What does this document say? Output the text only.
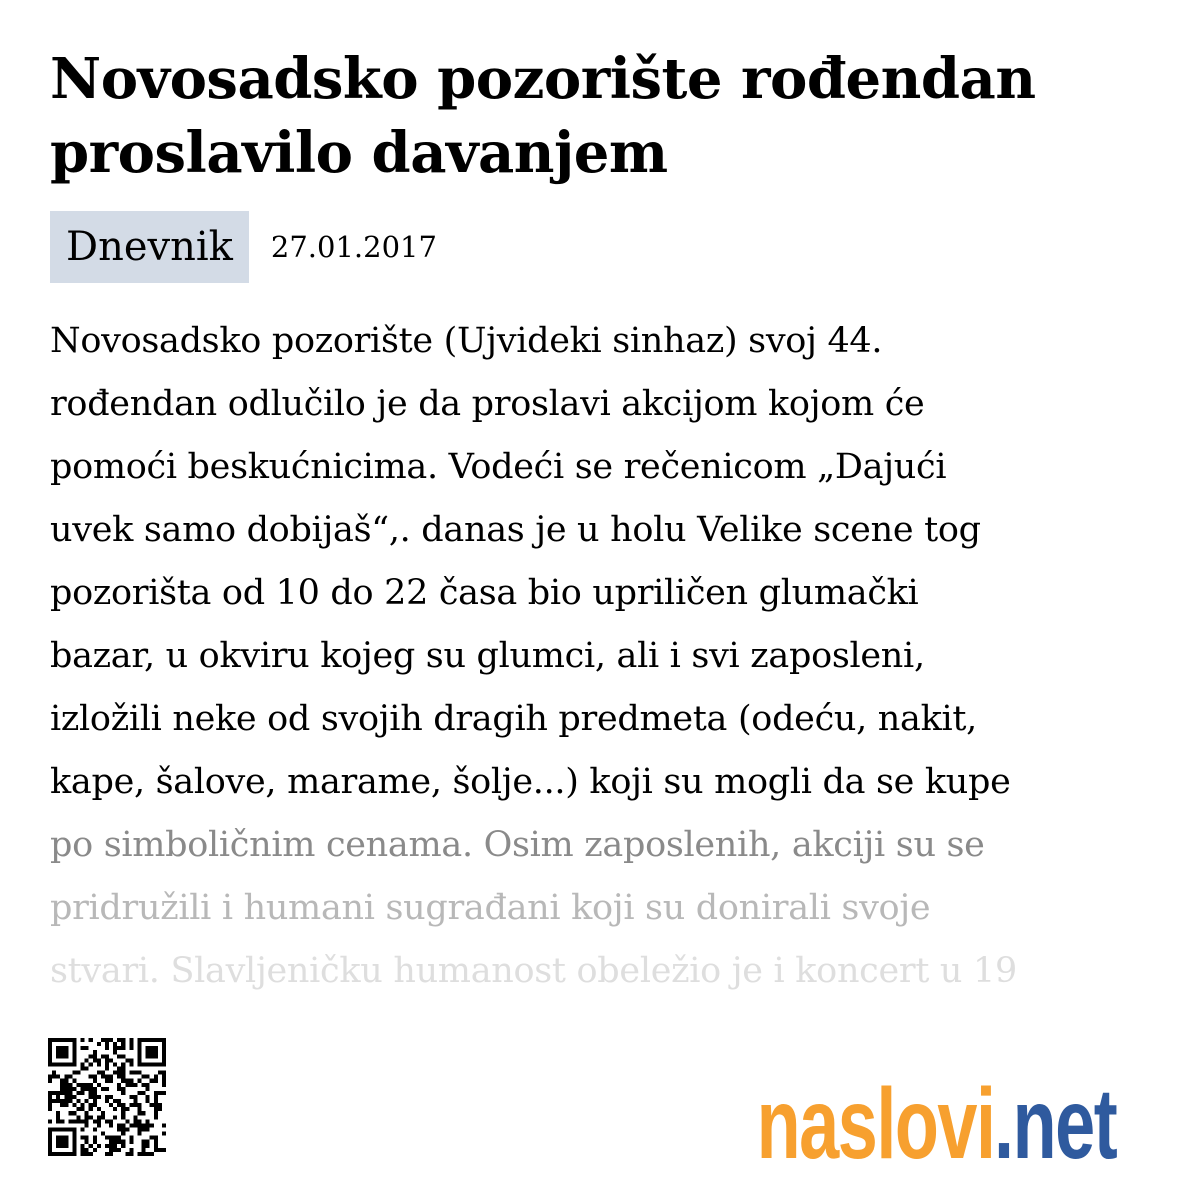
Novosadsko pozorište rođendan proslavilo davanjem
Dnevnik	27.01.2017

Novosadsko pozorište (Ujvideki sinhaz) svoj 44.
rođendan odlučilo je da proslavi akcijom kojom će
pomoći beskućnicima. Vodeći se rečenicom „Dajući
uvek samo dobijaš“,. danas je u holu Velike scene tog
pozorišta od 10 do 22 časa bio upriličen glumački
bazar, u okviru kojeg su glumci, ali i svi zaposleni,
izložili neke od svojih dragih predmeta (odeću, nakit,
kape, šalove, marame, šolje...) koji su mogli da se kupe
po simboličnim cenama. Osim zaposlenih, akciji su se
pridružili i humani sugrađani koji su donirali svoje
stvari. Slavljeničku humanost obeležio je i koncert u 19

naslovi .net
